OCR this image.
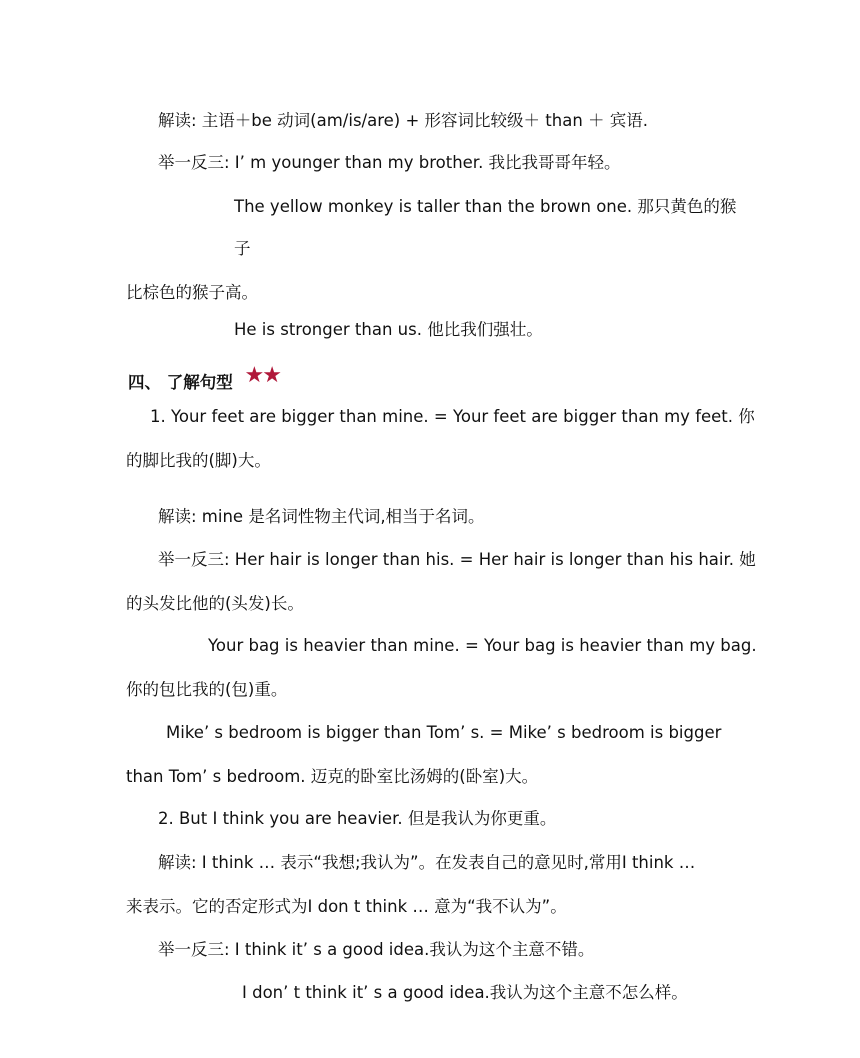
解读: 主语＋be 动词(am/is/are) + 形容词比较级＋ than ＋ 宾语.
举一反三: I’ m younger than my brother. 我比我哥哥年轻。
The yellow monkey is taller than the brown one. 那只黄色的猴
子
比棕色的猴子高。
He is stronger than us. 他比我们强壮。
四、 了解句型 ★★
1. Your feet are bigger than mine. = Your feet are bigger than my feet. 你
的脚比我的(脚)大。
解读: mine 是名词性物主代词,相当于名词。
举一反三: Her hair is longer than his. = Her hair is longer than his hair. 她
的头发比他的(头发)长。
Your bag is heavier than mine. = Your bag is heavier than my bag.
你的包比我的(包)重。
Mike’ s bedroom is bigger than Tom’ s. = Mike’ s bedroom is bigger
than Tom’ s bedroom. 迈克的卧室比汤姆的(卧室)大。
2. But I think you are heavier. 但是我认为你更重。
解读: I think … 表示“我想;我认为”。在发表自己的意见时,常用I think …
来表示。它的否定形式为I don t think … 意为“我不认为”。
举一反三: I think it’ s a good idea.我认为这个主意不错。
I don’ t think it’ s a good idea.我认为这个主意不怎么样。
